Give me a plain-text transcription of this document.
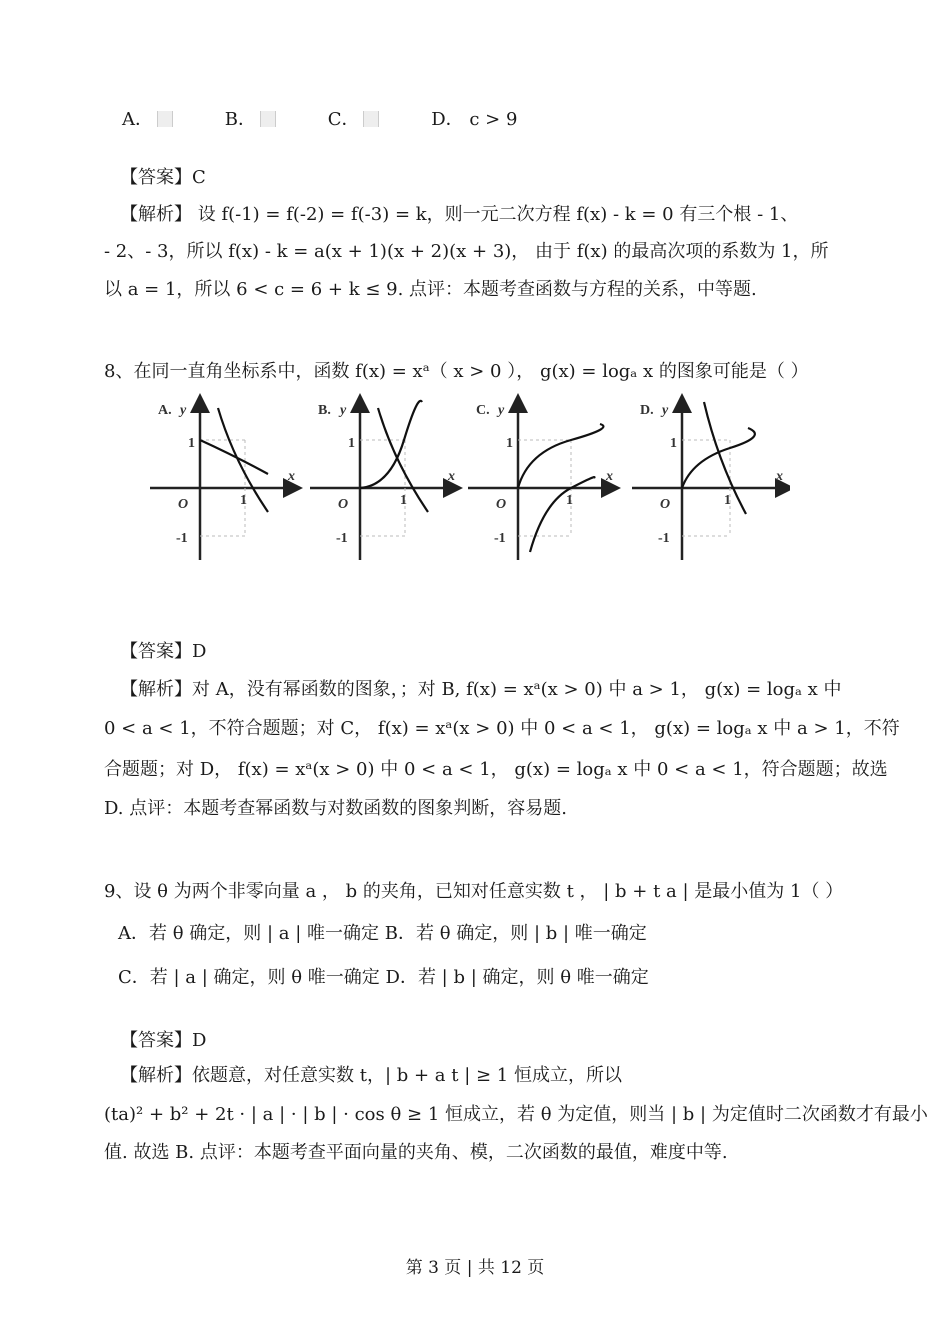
A．	B．	C．	D． c > 9
【答案】C
【解析】 设 f(-1) = f(-2) = f(-3) = k，则一元二次方程 f(x) - k = 0 有三个根 - 1、
- 2、- 3，所以 f(x) - k = a(x + 1)(x + 2)(x + 3)， 由于 f(x) 的最高次项的系数为 1，所
以 a = 1，所以 6 < c = 6 + k ≤ 9. 点评：本题考查函数与方程的关系，中等题.
8、在同一直角坐标系中，函数 f(x) = xᵃ（ x > 0 ）， g(x) = logₐ x 的图象可能是（ ）
A. y
x
1
1
O
-1
B. y
x
1
1
O
-1
C. y
x
1
1
O
-1
D. y
x
1
1
O
-1
【答案】D
【解析】对 A，没有幂函数的图象，；对 B, f(x) = xᵃ(x > 0) 中 a > 1， g(x) = logₐ x 中
0 < a < 1，不符合题题；对 C， f(x) = xᵃ(x > 0) 中 0 < a < 1， g(x) = logₐ x 中 a > 1，不符
合题题；对 D， f(x) = xᵃ(x > 0) 中 0 < a < 1， g(x) = logₐ x 中 0 < a < 1，符合题题；故选
D. 点评：本题考查幂函数与对数函数的图象判断，容易题.
9、设 θ 为两个非零向量 a ， b 的夹角，已知对任意实数 t ， | b + t a | 是最小值为 1（ ）
A．若 θ 确定，则 | a | 唯一确定 B．若 θ 确定，则 | b | 唯一确定
C．若 | a | 确定，则 θ 唯一确定 D．若 | b | 确定，则 θ 唯一确定
【答案】D
【解析】依题意，对任意实数 t，| b + a t | ≥ 1 恒成立，所以
(ta)² + b² + 2t · | a | · | b | · cos θ ≥ 1 恒成立，若 θ 为定值，则当 | b | 为定值时二次函数才有最小
值. 故选 B. 点评：本题考查平面向量的夹角、模，二次函数的最值，难度中等.
第 3 页 | 共 12 页
